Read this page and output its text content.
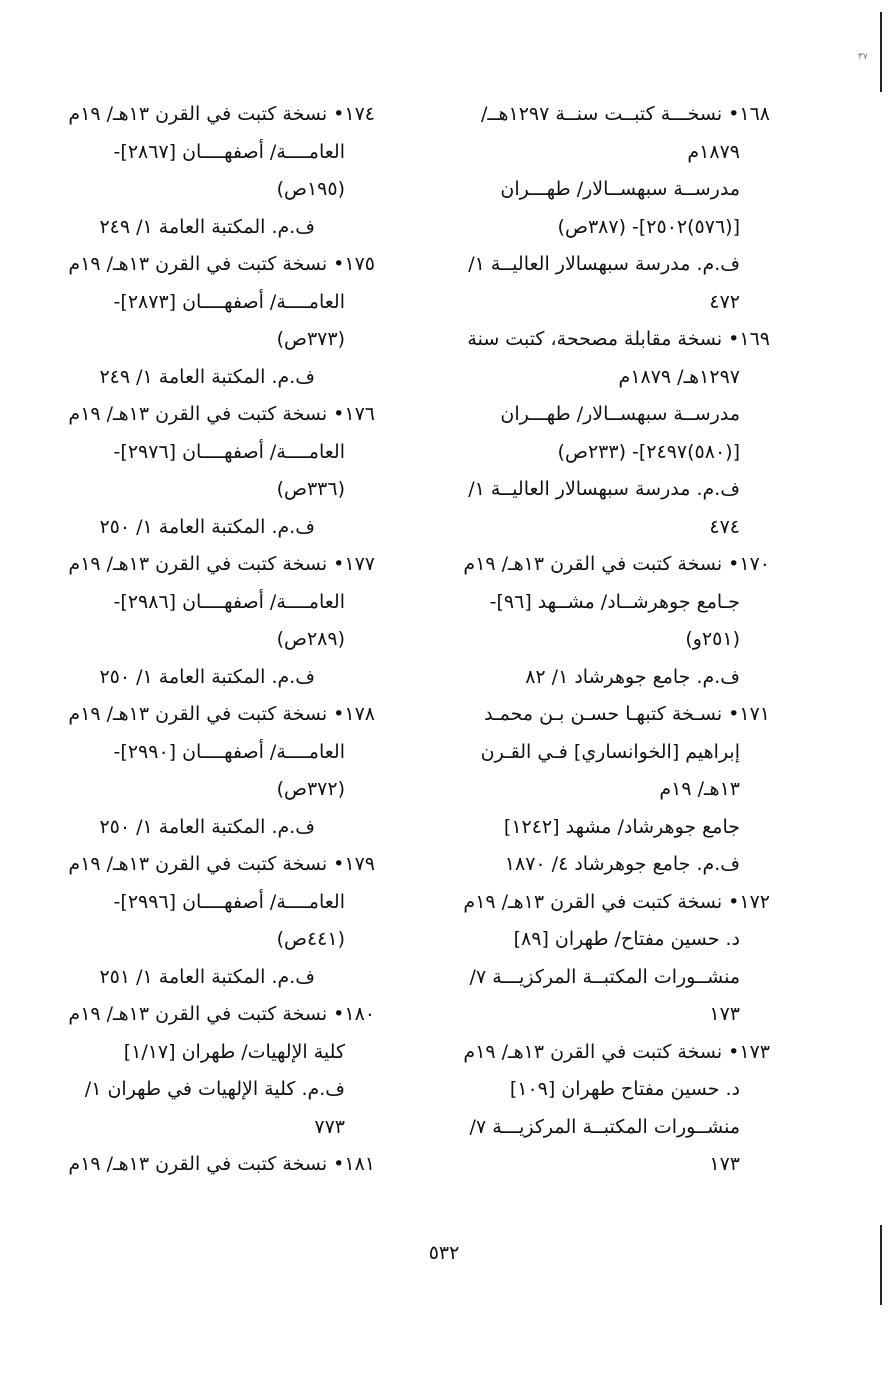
٣٧
١٦٨• نسخـــة كتبــت سنــة ١٢٩٧هــ/
١٨٧٩م
مدرســة سبهســالار/ طهـــران
[(٥٧٦)٢٥٠٢]- (٣٨٧ص)
ف.م. مدرسة سبهسالار العاليــة ١/
٤٧٢
١٦٩• نسخة مقابلة مصححة، كتبت سنة
١٢٩٧هـ/ ١٨٧٩م
مدرســة سبهســالار/ طهـــران
[(٥٨٠)٢٤٩٧]- (٢٣٣ص)
ف.م. مدرسة سبهسالار العاليــة ١/
٤٧٤
١٧٠• نسخة كتبت في القرن ١٣هـ/ ١٩م
جـامع جوهرشــاد/ مشــهد [٩٦]-
(٢٥١و)
ف.م. جامع جوهرشاد ١/ ٨٢
١٧١• نسـخة كتبهـا حسـن بـن محمـد
إبراهيم [الخوانساري] فـي القـرن
١٣هـ/ ١٩م
جامع جوهرشاد/ مشهد [١٢٤٢]
ف.م. جامع جوهرشاد ٤/ ١٨٧٠
١٧٢• نسخة كتبت في القرن ١٣هـ/ ١٩م
د. حسين مفتاح/ طهران [٨٩]
منشــورات المكتبــة المركزيـــة ٧/
١٧٣
١٧٣• نسخة كتبت في القرن ١٣هـ/ ١٩م
د. حسين مفتاح طهران [١٠٩]
منشــورات المكتبــة المركزيـــة ٧/
١٧٣
١٧٤• نسخة كتبت في القرن ١٣هـ/ ١٩م
العامــــة/ أصفهــــان [٢٨٦٧]-
(١٩٥ص)
ف.م. المكتبة العامة ١/ ٢٤٩
١٧٥• نسخة كتبت في القرن ١٣هـ/ ١٩م
العامــــة/ أصفهــــان [٢٨٧٣]-
(٣٧٣ص)
ف.م. المكتبة العامة ١/ ٢٤٩
١٧٦• نسخة كتبت في القرن ١٣هـ/ ١٩م
العامــــة/ أصفهــــان [٢٩٧٦]-
(٣٣٦ص)
ف.م. المكتبة العامة ١/ ٢٥٠
١٧٧• نسخة كتبت في القرن ١٣هـ/ ١٩م
العامــــة/ أصفهــــان [٢٩٨٦]-
(٢٨٩ص)
ف.م. المكتبة العامة ١/ ٢٥٠
١٧٨• نسخة كتبت في القرن ١٣هـ/ ١٩م
العامــــة/ أصفهــــان [٢٩٩٠]-
(٣٧٢ص)
ف.م. المكتبة العامة ١/ ٢٥٠
١٧٩• نسخة كتبت في القرن ١٣هـ/ ١٩م
العامــــة/ أصفهــــان [٢٩٩٦]-
(٤٤١ص)
ف.م. المكتبة العامة ١/ ٢٥١
١٨٠• نسخة كتبت في القرن ١٣هـ/ ١٩م
كلية الإلهيات/ طهران [١/١٧]
ف.م. كلية الإلهيات في طهران ١/
٧٧٣
١٨١• نسخة كتبت في القرن ١٣هـ/ ١٩م
٥٣٢
